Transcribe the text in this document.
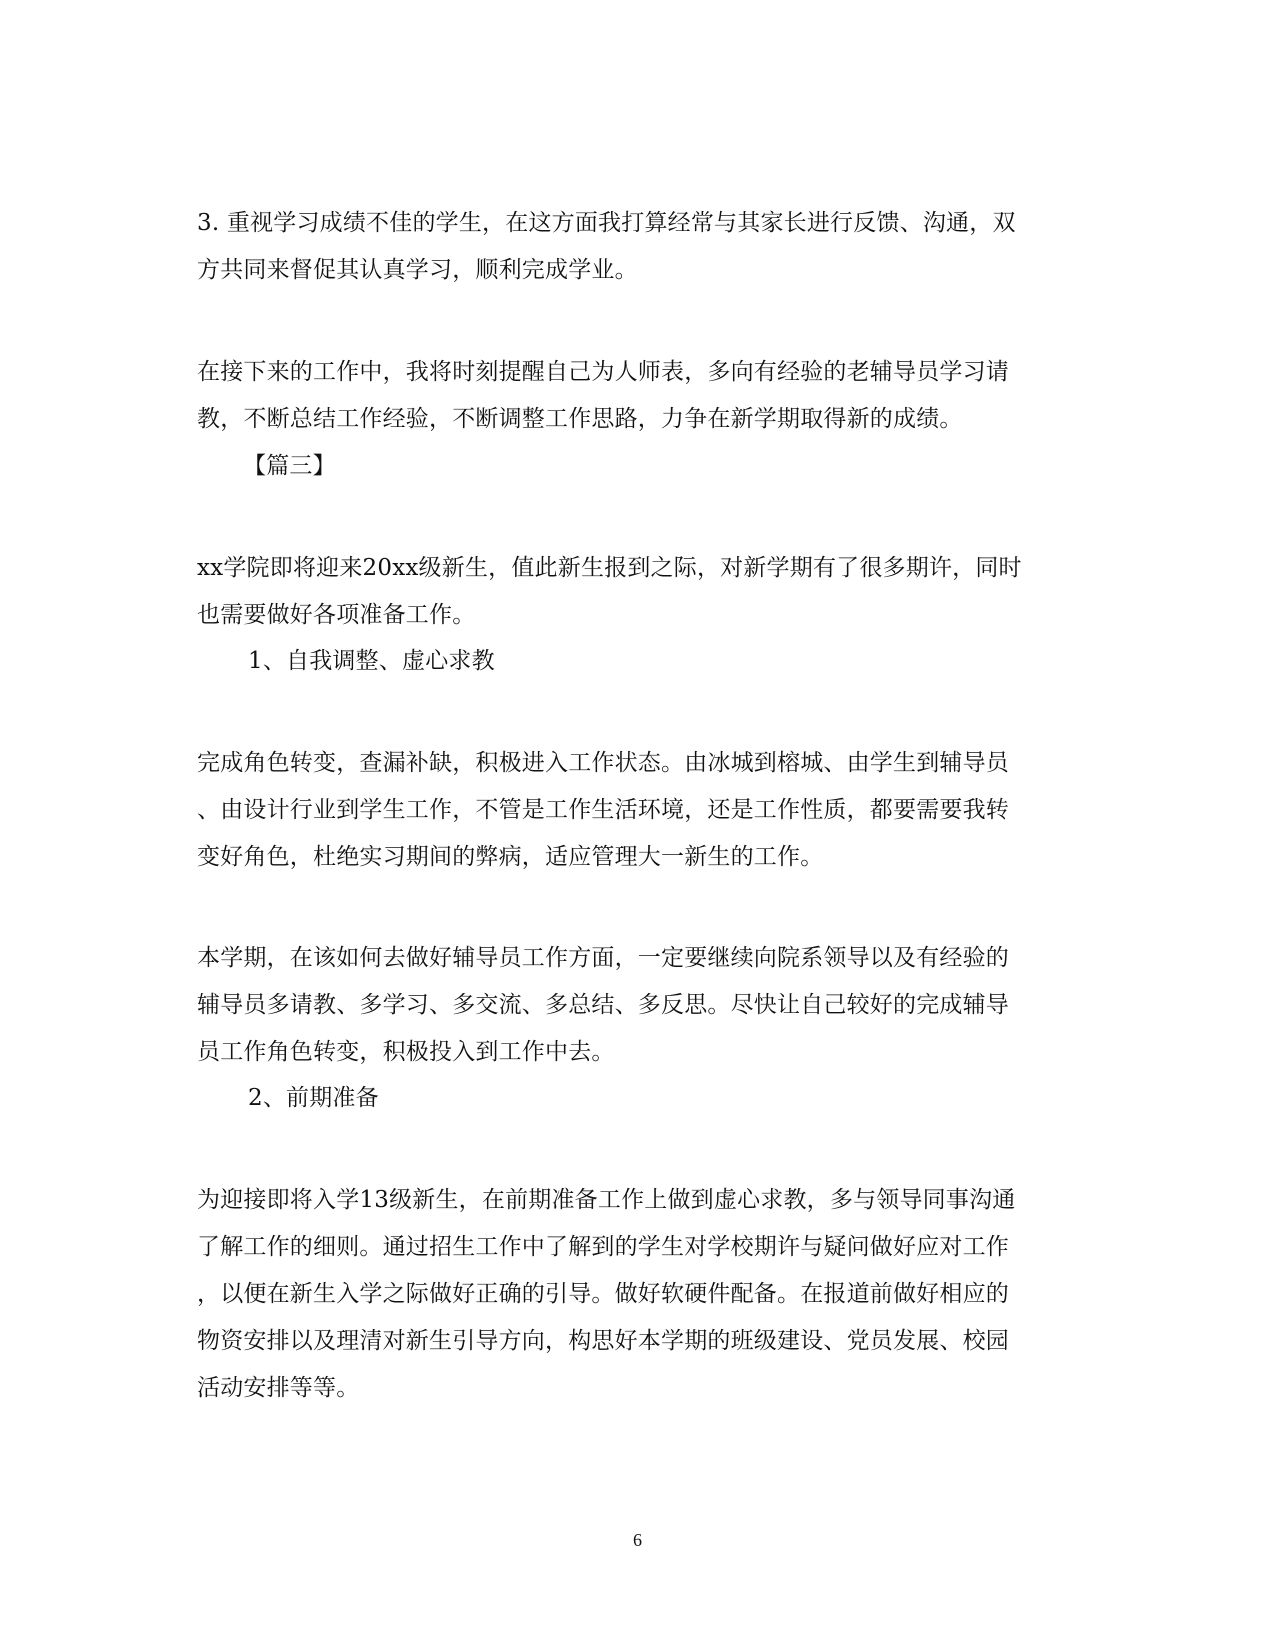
3. 重视学习成绩不佳的学生，在这方面我打算经常与其家长进行反馈、沟通，双
方共同来督促其认真学习，顺利完成学业。
在接下来的工作中，我将时刻提醒自己为人师表，多向有经验的老辅导员学习请
教，不断总结工作经验，不断调整工作思路，力争在新学期取得新的成绩。
【篇三】
xx学院即将迎来20xx级新生，值此新生报到之际，对新学期有了很多期许，同时
也需要做好各项准备工作。
1、自我调整、虚心求教
完成角色转变，查漏补缺，积极进入工作状态。由冰城到榕城、由学生到辅导员
、由设计行业到学生工作，不管是工作生活环境，还是工作性质，都要需要我转
变好角色，杜绝实习期间的弊病，适应管理大一新生的工作。
本学期，在该如何去做好辅导员工作方面，一定要继续向院系领导以及有经验的
辅导员多请教、多学习、多交流、多总结、多反思。尽快让自己较好的完成辅导
员工作角色转变，积极投入到工作中去。
2、前期准备
为迎接即将入学13级新生，在前期准备工作上做到虚心求教，多与领导同事沟通
了解工作的细则。通过招生工作中了解到的学生对学校期许与疑问做好应对工作
，以便在新生入学之际做好正确的引导。做好软硬件配备。在报道前做好相应的
物资安排以及理清对新生引导方向，构思好本学期的班级建设、党员发展、校园
活动安排等等。
6
